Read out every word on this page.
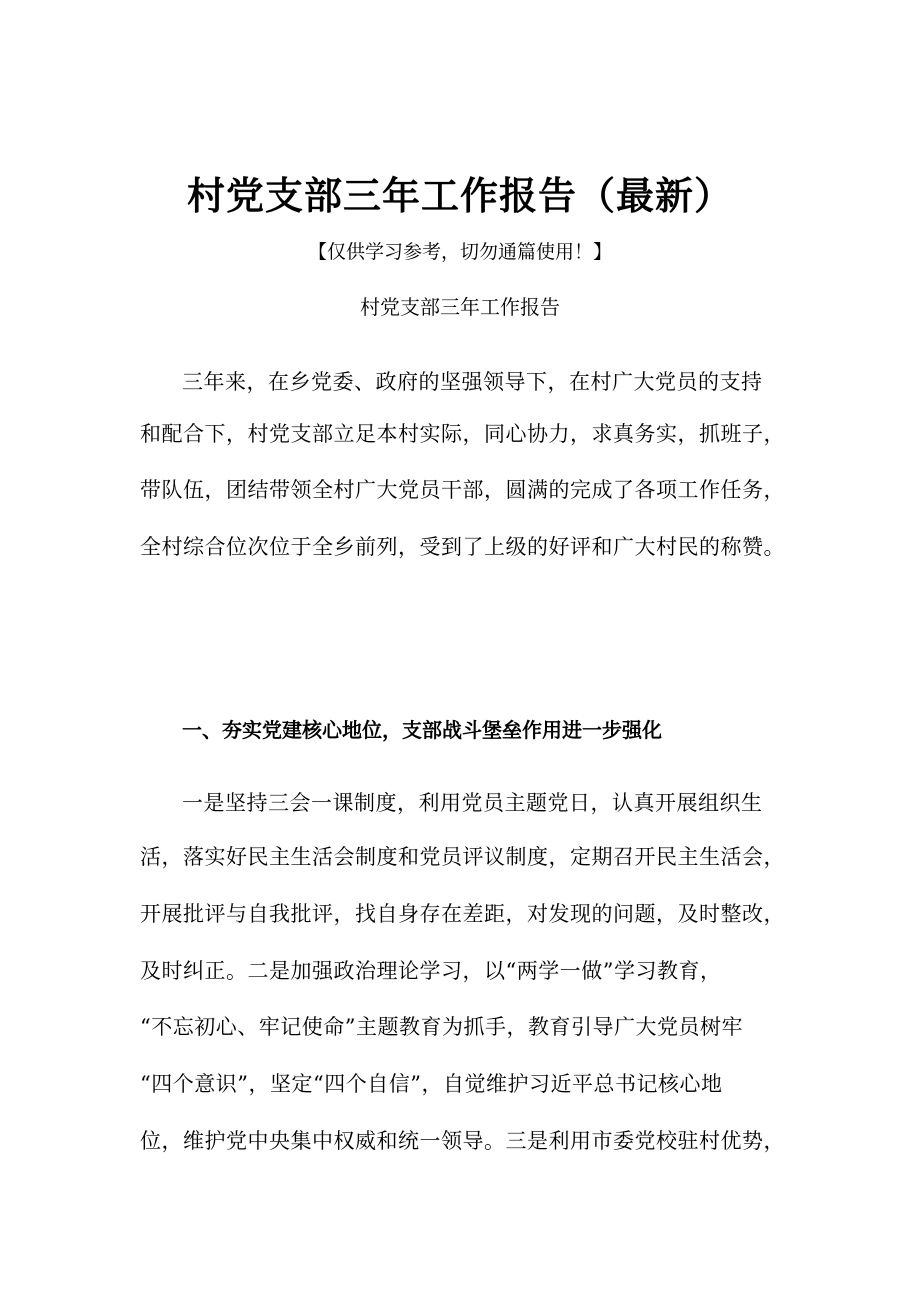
村党支部三年工作报告（最新）
【仅供学习参考，切勿通篇使用！】
村党支部三年工作报告
三年来，在乡党委、政府的坚强领导下，在村广大党员的支持
和配合下，村党支部立足本村实际，同心协力，求真务实，抓班子，
带队伍，团结带领全村广大党员干部，圆满的完成了各项工作任务，
全村综合位次位于全乡前列，受到了上级的好评和广大村民的称赞。
一、夯实党建核心地位，支部战斗堡垒作用进一步强化
一是坚持三会一课制度，利用党员主题党日，认真开展组织生
活，落实好民主生活会制度和党员评议制度，定期召开民主生活会，
开展批评与自我批评，找自身存在差距，对发现的问题，及时整改，
及时纠正。二是加强政治理论学习，以“两学一做”学习教育，
“不忘初心、牢记使命”主题教育为抓手，教育引导广大党员树牢
“四个意识”，坚定“四个自信”，自觉维护习近平总书记核心地
位，维护党中央集中权威和统一领导。三是利用市委党校驻村优势，
